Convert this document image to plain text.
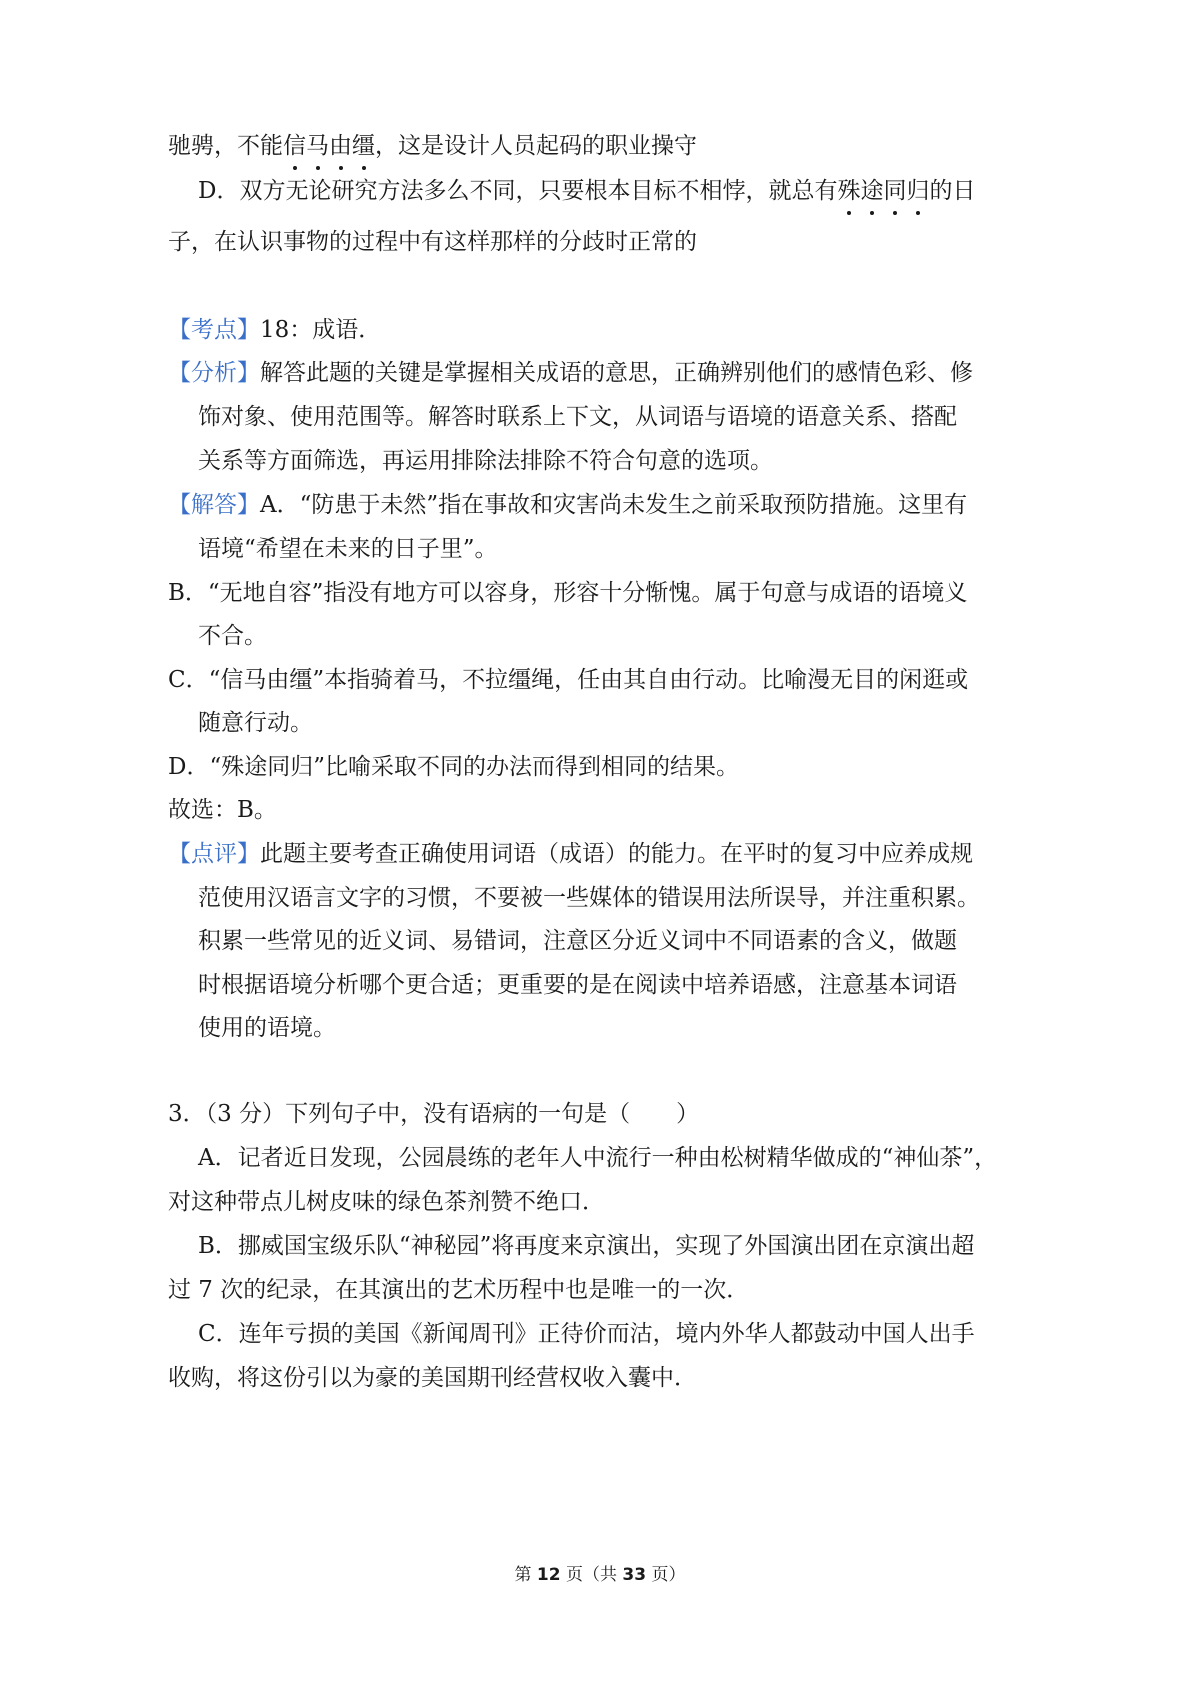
驰骋，不能信马由缰，这是设计人员起码的职业操守
D．双方无论研究方法多么不同，只要根本目标不相悖，就总有殊途同归的日
子，在认识事物的过程中有这样那样的分歧时正常的
【考点】18：成语．
【分析】解答此题的关键是掌握相关成语的意思，正确辨别他们的感情色彩、修
饰对象、使用范围等。解答时联系上下文，从词语与语境的语意关系、搭配
关系等方面筛选，再运用排除法排除不符合句意的选项。
【解答】A．“防患于未然”指在事故和灾害尚未发生之前采取预防措施。这里有
语境“希望在未来的日子里”。
B．“无地自容”指没有地方可以容身，形容十分惭愧。属于句意与成语的语境义
不合。
C．“信马由缰”本指骑着马，不拉缰绳，任由其自由行动。比喻漫无目的闲逛或
随意行动。
D．“殊途同归”比喻采取不同的办法而得到相同的结果。
故选：B。
【点评】此题主要考查正确使用词语（成语）的能力。在平时的复习中应养成规
范使用汉语言文字的习惯，不要被一些媒体的错误用法所误导，并注重积累。
积累一些常见的近义词、易错词，注意区分近义词中不同语素的含义，做题
时根据语境分析哪个更合适；更重要的是在阅读中培养语感，注意基本词语
使用的语境。
3．（3 分）下列句子中，没有语病的一句是（　　）
A．记者近日发现，公园晨练的老年人中流行一种由松树精华做成的“神仙茶”，
对这种带点儿树皮味的绿色茶剂赞不绝口．
B．挪威国宝级乐队“神秘园”将再度来京演出，实现了外国演出团在京演出超
过 7 次的纪录，在其演出的艺术历程中也是唯一的一次．
C．连年亏损的美国《新闻周刊》正待价而沽，境内外华人都鼓动中国人出手
收购，将这份引以为豪的美国期刊经营权收入囊中．
第 12 页（共 33 页）
